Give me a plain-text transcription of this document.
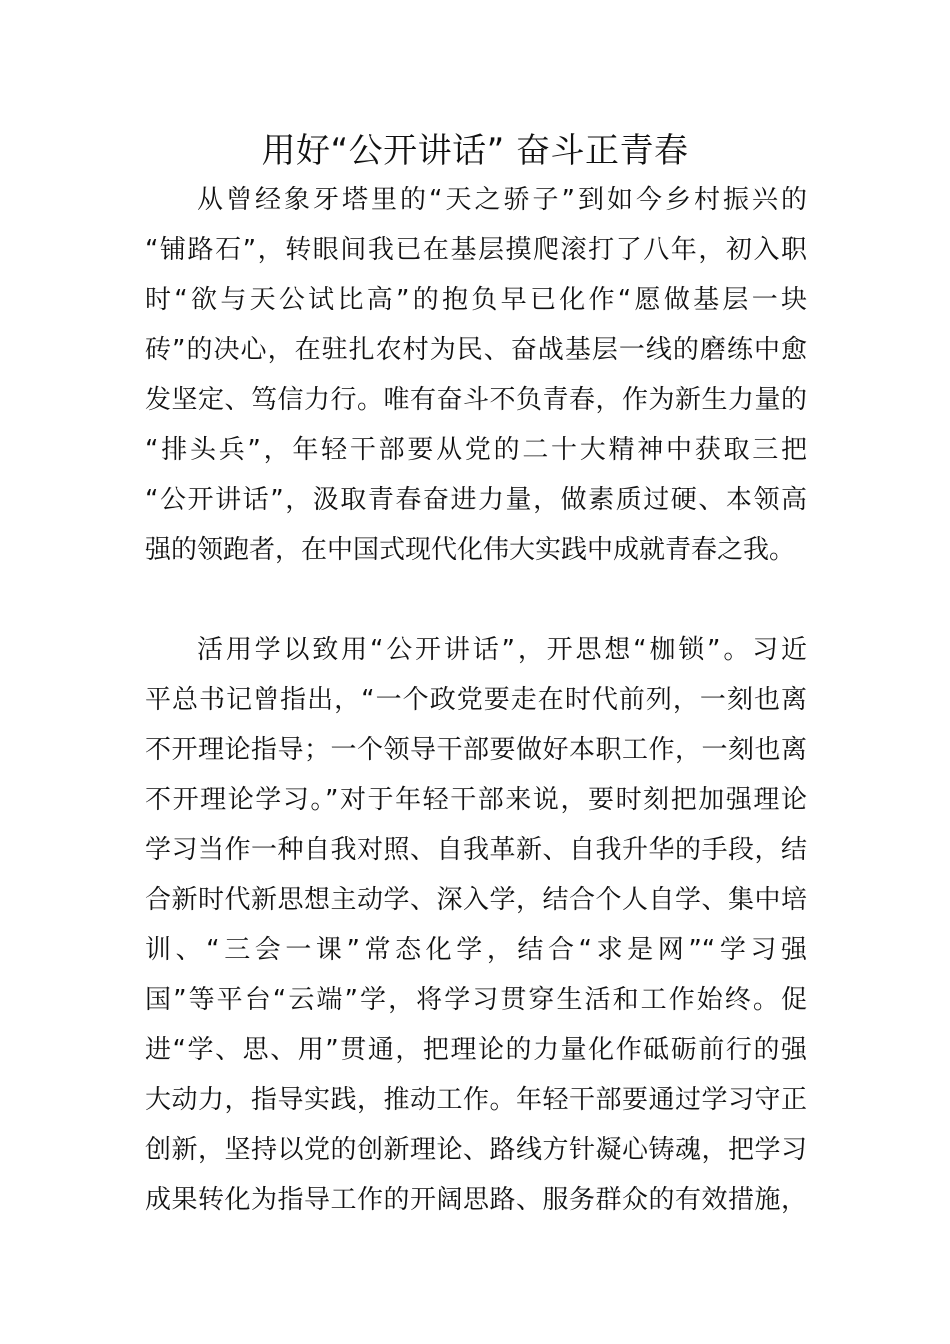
用好“公开讲话” 奋斗正青春
从曾经象牙塔里的“天之骄子”到如今乡村振兴的
“铺路石”，转眼间我已在基层摸爬滚打了八年，初入职
时“欲与天公试比高”的抱负早已化作“愿做基层一块
砖”的决心，在驻扎农村为民、奋战基层一线的磨练中愈
发坚定、笃信力行。唯有奋斗不负青春，作为新生力量的
“排头兵”，年轻干部要从党的二十大精神中获取三把
“公开讲话”，汲取青春奋进力量，做素质过硬、本领高
强的领跑者，在中国式现代化伟大实践中成就青春之我。
活用学以致用“公开讲话”，开思想“枷锁”。习近
平总书记曾指出，“一个政党要走在时代前列，一刻也离
不开理论指导；一个领导干部要做好本职工作，一刻也离
不开理论学习。”对于年轻干部来说，要时刻把加强理论
学习当作一种自我对照、自我革新、自我升华的手段，结
合新时代新思想主动学、深入学，结合个人自学、集中培
训、“三会一课”常态化学，结合“求是网”“学习强
国”等平台“云端”学，将学习贯穿生活和工作始终。促
进“学、思、用”贯通，把理论的力量化作砥砺前行的强
大动力，指导实践，推动工作。年轻干部要通过学习守正
创新，坚持以党的创新理论、路线方针凝心铸魂，把学习
成果转化为指导工作的开阔思路、服务群众的有效措施，
